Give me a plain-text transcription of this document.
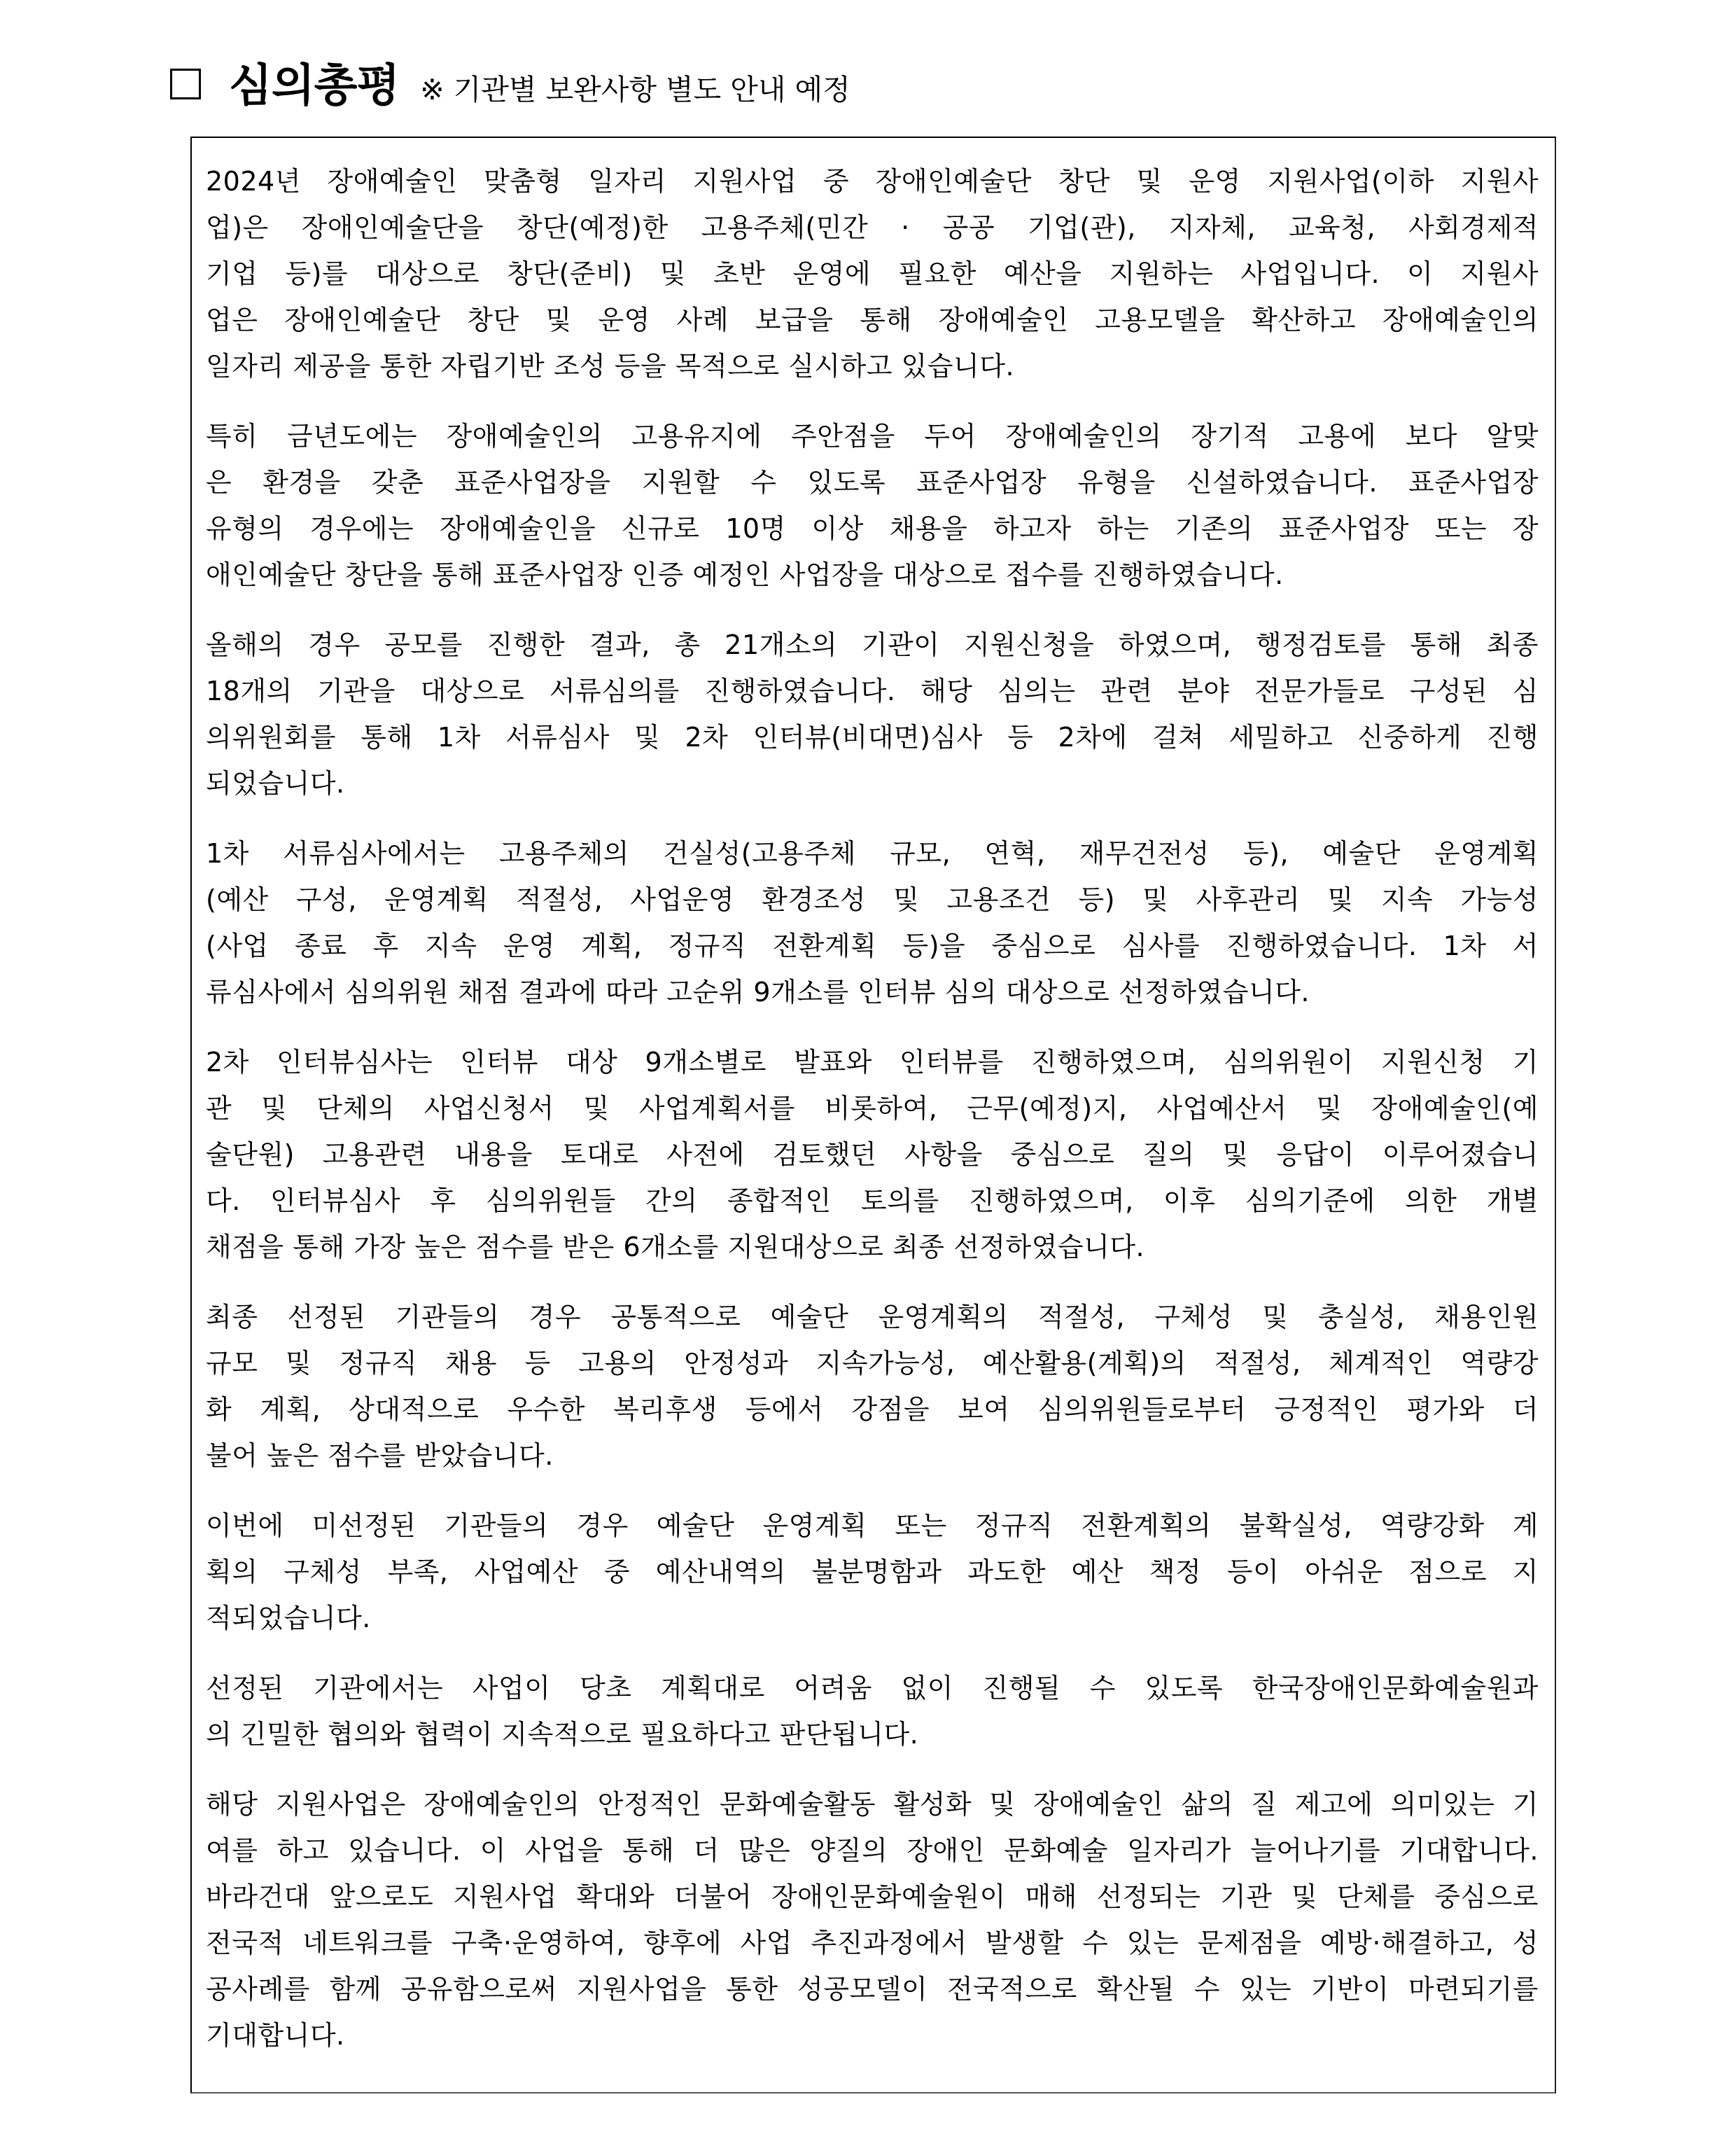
심의총평 ※ 기관별 보완사항 별도 안내 예정
2024년 장애예술인 맞춤형 일자리 지원사업 중 장애인예술단 창단 및 운영 지원사업(이하 지원사
업)은 장애인예술단을 창단(예정)한 고용주체(민간 · 공공 기업(관), 지자체, 교육청, 사회경제적
기업 등)를 대상으로 창단(준비) 및 초반 운영에 필요한 예산을 지원하는 사업입니다. 이 지원사
업은 장애인예술단 창단 및 운영 사례 보급을 통해 장애예술인 고용모델을 확산하고 장애예술인의
일자리 제공을 통한 자립기반 조성 등을 목적으로 실시하고 있습니다.
특히 금년도에는 장애예술인의 고용유지에 주안점을 두어 장애예술인의 장기적 고용에 보다 알맞
은 환경을 갖춘 표준사업장을 지원할 수 있도록 표준사업장 유형을 신설하였습니다. 표준사업장
유형의 경우에는 장애예술인을 신규로 10명 이상 채용을 하고자 하는 기존의 표준사업장 또는 장
애인예술단 창단을 통해 표준사업장 인증 예정인 사업장을 대상으로 접수를 진행하였습니다.
올해의 경우 공모를 진행한 결과, 총 21개소의 기관이 지원신청을 하였으며, 행정검토를 통해 최종
18개의 기관을 대상으로 서류심의를 진행하였습니다. 해당 심의는 관련 분야 전문가들로 구성된 심
의위원회를 통해 1차 서류심사 및 2차 인터뷰(비대면)심사 등 2차에 걸쳐 세밀하고 신중하게 진행
되었습니다.
1차 서류심사에서는 고용주체의 건실성(고용주체 규모, 연혁, 재무건전성 등), 예술단 운영계획
(예산 구성, 운영계획 적절성, 사업운영 환경조성 및 고용조건 등) 및 사후관리 및 지속 가능성
(사업 종료 후 지속 운영 계획, 정규직 전환계획 등)을 중심으로 심사를 진행하였습니다. 1차 서
류심사에서 심의위원 채점 결과에 따라 고순위 9개소를 인터뷰 심의 대상으로 선정하였습니다.
2차 인터뷰심사는 인터뷰 대상 9개소별로 발표와 인터뷰를 진행하였으며, 심의위원이 지원신청 기
관 및 단체의 사업신청서 및 사업계획서를 비롯하여, 근무(예정)지, 사업예산서 및 장애예술인(예
술단원) 고용관련 내용을 토대로 사전에 검토했던 사항을 중심으로 질의 및 응답이 이루어졌습니
다. 인터뷰심사 후 심의위원들 간의 종합적인 토의를 진행하였으며, 이후 심의기준에 의한 개별
채점을 통해 가장 높은 점수를 받은 6개소를 지원대상으로 최종 선정하였습니다.
최종 선정된 기관들의 경우 공통적으로 예술단 운영계획의 적절성, 구체성 및 충실성, 채용인원
규모 및 정규직 채용 등 고용의 안정성과 지속가능성, 예산활용(계획)의 적절성, 체계적인 역량강
화 계획, 상대적으로 우수한 복리후생 등에서 강점을 보여 심의위원들로부터 긍정적인 평가와 더
불어 높은 점수를 받았습니다.
이번에 미선정된 기관들의 경우 예술단 운영계획 또는 정규직 전환계획의 불확실성, 역량강화 계
획의 구체성 부족, 사업예산 중 예산내역의 불분명함과 과도한 예산 책정 등이 아쉬운 점으로 지
적되었습니다.
선정된 기관에서는 사업이 당초 계획대로 어려움 없이 진행될 수 있도록 한국장애인문화예술원과
의 긴밀한 협의와 협력이 지속적으로 필요하다고 판단됩니다.
해당 지원사업은 장애예술인의 안정적인 문화예술활동 활성화 및 장애예술인 삶의 질 제고에 의미있는 기
여를 하고 있습니다. 이 사업을 통해 더 많은 양질의 장애인 문화예술 일자리가 늘어나기를 기대합니다.
바라건대 앞으로도 지원사업 확대와 더불어 장애인문화예술원이 매해 선정되는 기관 및 단체를 중심으로
전국적 네트워크를 구축·운영하여, 향후에 사업 추진과정에서 발생할 수 있는 문제점을 예방·해결하고, 성
공사례를 함께 공유함으로써 지원사업을 통한 성공모델이 전국적으로 확산될 수 있는 기반이 마련되기를
기대합니다.
